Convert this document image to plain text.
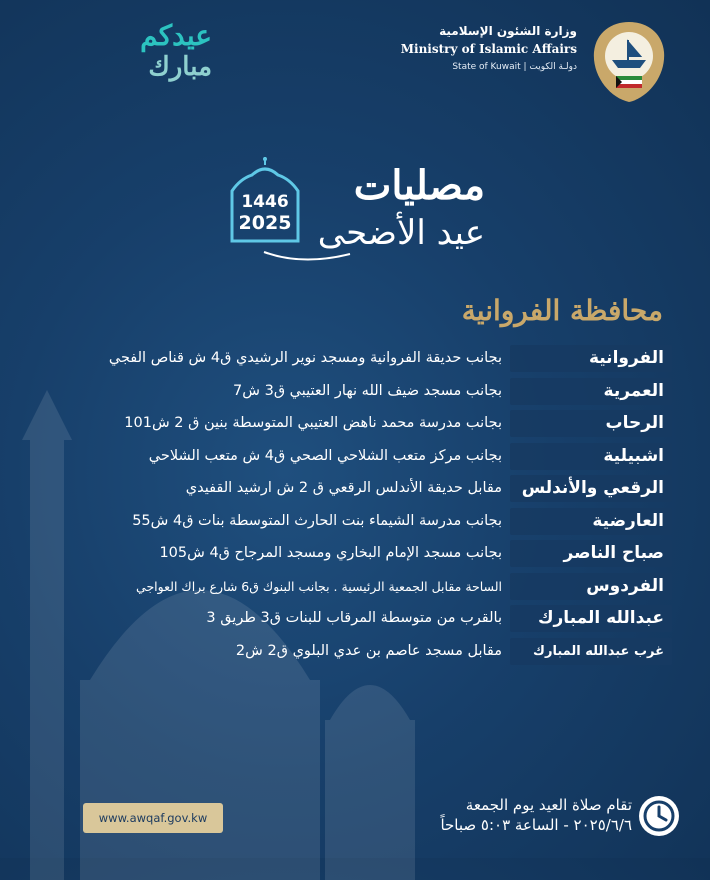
عيدكم
مبارك
وزارة الشئون الإسلامية
Ministry of Islamic Affairs
State of Kuwait | دولـة الكويت
1446
2025
مصليات
عيد الأضحى
محافظة الفروانية
الفروانية
بجانب حديقة الفروانية ومسجد نوير الرشيدي ق4 ش قناص الفجي
العمرية
بجانب مسجد ضيف الله نهار العتيبي ق3 ش7
الرحاب
بجانب مدرسة محمد ناهض العتيبي المتوسطة بنين ق 2 ش101
اشبيلية
بجانب مركز متعب الشلاحي الصحي ق4 ش متعب الشلاحي
الرقعي والأندلس
مقابل حديقة الأندلس الرقعي ق 2 ش ارشيد القفيدي
العارضية
بجانب مدرسة الشيماء بنت الحارث المتوسطة بنات ق4 ش55
صباح الناصر
بجانب مسجد الإمام البخاري ومسجد المرجاح ق4 ش105
الفردوس
الساحة مقابل الجمعية الرئيسية . بجانب البنوك ق6 شارع براك العواجي
عبدالله المبارك
بالقرب من متوسطة المرقاب للبنات ق3 طريق 3
غرب عبدالله المبارك
مقابل مسجد عاصم بن عدي البلوي ق2 ش2
www.awqaf.gov.kw
تقام صلاة العيد يوم الجمعة
٢٠٢٥/٦/٦ - الساعة ٥:٠٣ صباحاً
